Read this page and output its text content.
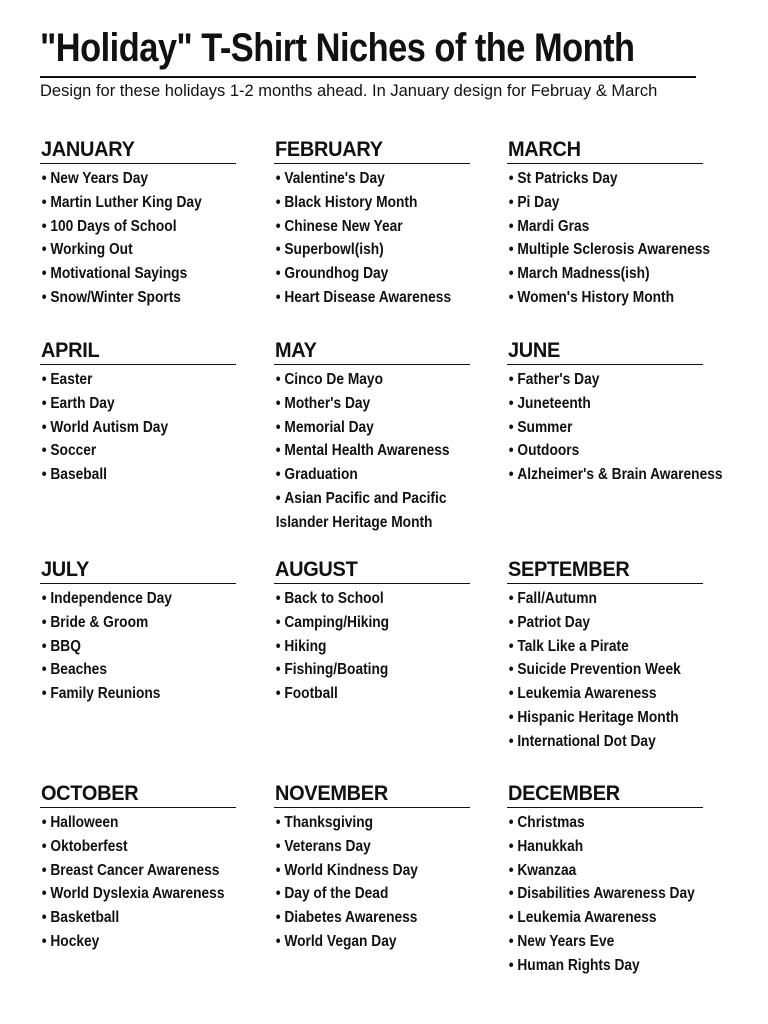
"Holiday" T-Shirt Niches of the Month
Design for these holidays 1-2 months ahead. In January design for Februay & March
JANUARY
• New Years Day
• Martin Luther King Day
• 100 Days of School
• Working Out
• Motivational Sayings
• Snow/Winter Sports
FEBRUARY
• Valentine's Day
• Black History Month
• Chinese New Year
• Superbowl(ish)
• Groundhog Day
• Heart Disease Awareness
MARCH
• St Patricks Day
• Pi Day
• Mardi Gras
• Multiple Sclerosis Awareness
• March Madness(ish)
• Women's History Month
APRIL
• Easter
• Earth Day
• World Autism Day
• Soccer
• Baseball
MAY
• Cinco De Mayo
• Mother's Day
• Memorial Day
• Mental Health Awareness
• Graduation
• Asian Pacific and Pacific Islander Heritage Month
JUNE
• Father's Day
• Juneteenth
• Summer
• Outdoors
• Alzheimer's & Brain Awareness
JULY
• Independence Day
• Bride & Groom
• BBQ
• Beaches
• Family Reunions
AUGUST
• Back to School
• Camping/Hiking
• Hiking
• Fishing/Boating
• Football
SEPTEMBER
• Fall/Autumn
• Patriot Day
• Talk Like a Pirate
• Suicide Prevention Week
• Leukemia Awareness
• Hispanic Heritage Month
• International Dot Day
OCTOBER
• Halloween
• Oktoberfest
• Breast Cancer Awareness
• World Dyslexia Awareness
• Basketball
• Hockey
NOVEMBER
• Thanksgiving
• Veterans Day
• World Kindness Day
• Day of the Dead
• Diabetes Awareness
• World Vegan Day
DECEMBER
• Christmas
• Hanukkah
• Kwanzaa
• Disabilities Awareness Day
• Leukemia Awareness
• New Years Eve
• Human Rights Day
